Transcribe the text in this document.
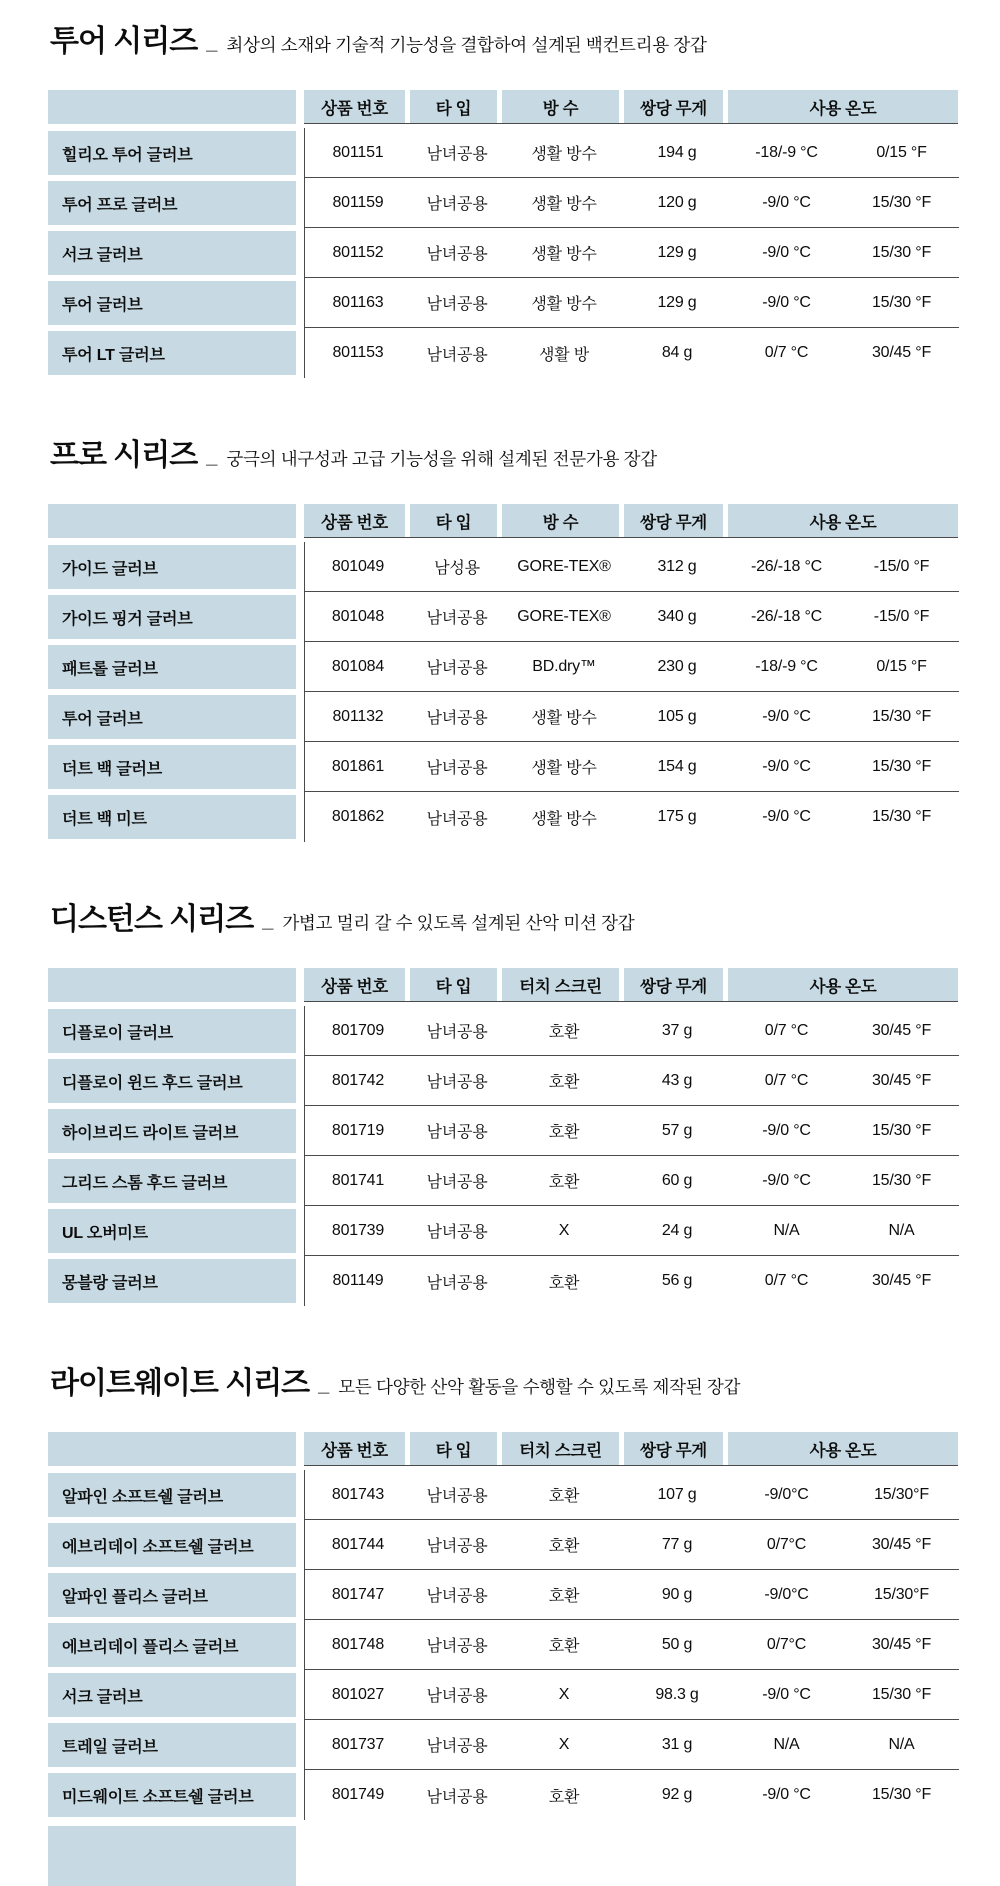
투어 시리즈 _ 최상의 소재와 기술적 기능성을 결합하여 설계된 백컨트리용 장갑
상품 번호	타 입	방 수	쌍당 무게	사용 온도
힐리오 투어 글러브	801151	남녀공용	생활 방수	194 g	-18/-9 °C	0/15 °F
투어 프로 글러브	801159	남녀공용	생활 방수	120 g	-9/0 °C	15/30 °F
서크 글러브	801152	남녀공용	생활 방수	129 g	-9/0 °C	15/30 °F
투어 글러브	801163	남녀공용	생활 방수	129 g	-9/0 °C	15/30 °F
투어 LT 글러브	801153	남녀공용	생활 방	84 g	0/7 °C	30/45 °F
프로 시리즈 _ 궁극의 내구성과 고급 기능성을 위해 설계된 전문가용 장갑
상품 번호	타 입	방 수	쌍당 무게	사용 온도
가이드 글러브	801049	남성용	GORE-TEX®	312 g	-26/-18 °C	-15/0 °F
가이드 핑거 글러브	801048	남녀공용	GORE-TEX®	340 g	-26/-18 °C	-15/0 °F
패트롤 글러브	801084	남녀공용	BD.dry™	230 g	-18/-9 °C	0/15 °F
투어 글러브	801132	남녀공용	생활 방수	105 g	-9/0 °C	15/30 °F
더트 백 글러브	801861	남녀공용	생활 방수	154 g	-9/0 °C	15/30 °F
더트 백 미트	801862	남녀공용	생활 방수	175 g	-9/0 °C	15/30 °F
디스턴스 시리즈 _ 가볍고 멀리 갈 수 있도록 설계된 산악 미션 장갑
상품 번호	타 입	터치 스크린	쌍당 무게	사용 온도
디플로이 글러브	801709	남녀공용	호환	37 g	0/7 °C	30/45 °F
디플로이 윈드 후드 글러브	801742	남녀공용	호환	43 g	0/7 °C	30/45 °F
하이브리드 라이트 글러브	801719	남녀공용	호환	57 g	-9/0 °C	15/30 °F
그리드 스톰 후드 글러브	801741	남녀공용	호환	60 g	-9/0 °C	15/30 °F
UL 오버미트	801739	남녀공용	X	24 g	N/A	N/A
몽블랑 글러브	801149	남녀공용	호환	56 g	0/7 °C	30/45 °F
라이트웨이트 시리즈 _ 모든 다양한 산악 활동을 수행할 수 있도록 제작된 장갑
상품 번호	타 입	터치 스크린	쌍당 무게	사용 온도
알파인 소프트쉘 글러브	801743	남녀공용	호환	107 g	-9/0°C	15/30°F
에브리데이 소프트쉘 글러브	801744	남녀공용	호환	77 g	0/7°C	30/45 °F
알파인 플리스 글러브	801747	남녀공용	호환	90 g	-9/0°C	15/30°F
에브리데이 플리스 글러브	801748	남녀공용	호환	50 g	0/7°C	30/45 °F
서크 글러브	801027	남녀공용	X	98.3 g	-9/0 °C	15/30 °F
트레일 글러브	801737	남녀공용	X	31 g	N/A	N/A
미드웨이트 소프트쉘 글러브	801749	남녀공용	호환	92 g	-9/0 °C	15/30 °F
